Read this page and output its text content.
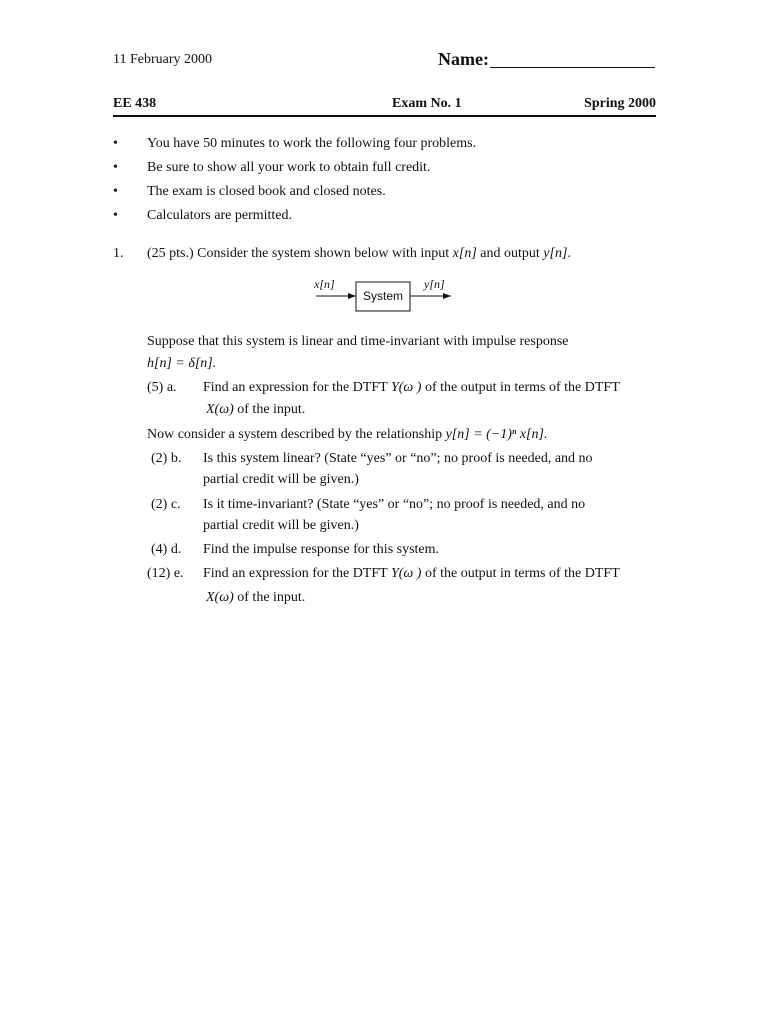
11 February 2000	Name:
EE 438	Exam No. 1	Spring 2000
• You have 50 minutes to work the following four problems.
• Be sure to show all your work to obtain full credit.
• The exam is closed book and closed notes.
• Calculators are permitted.
1. (25 pts.) Consider the system shown below with input x[n] and output y[n].
x[n]
System
y[n]
Suppose that this system is linear and time-invariant with impulse response
h[n] = δ[n].
(5) a. Find an expression for the DTFT Y(ω ) of the output in terms of the DTFT
X(ω) of the input.
Now consider a system described by the relationship y[n] = (−1)ⁿ x[n].
(2) b. Is this system linear? (State “yes” or “no”; no proof is needed, and no
partial credit will be given.)
(2) c. Is it time-invariant? (State “yes” or “no”; no proof is needed, and no
partial credit will be given.)
(4) d. Find the impulse response for this system.
(12) e. Find an expression for the DTFT Y(ω ) of the output in terms of the DTFT
X(ω) of the input.
